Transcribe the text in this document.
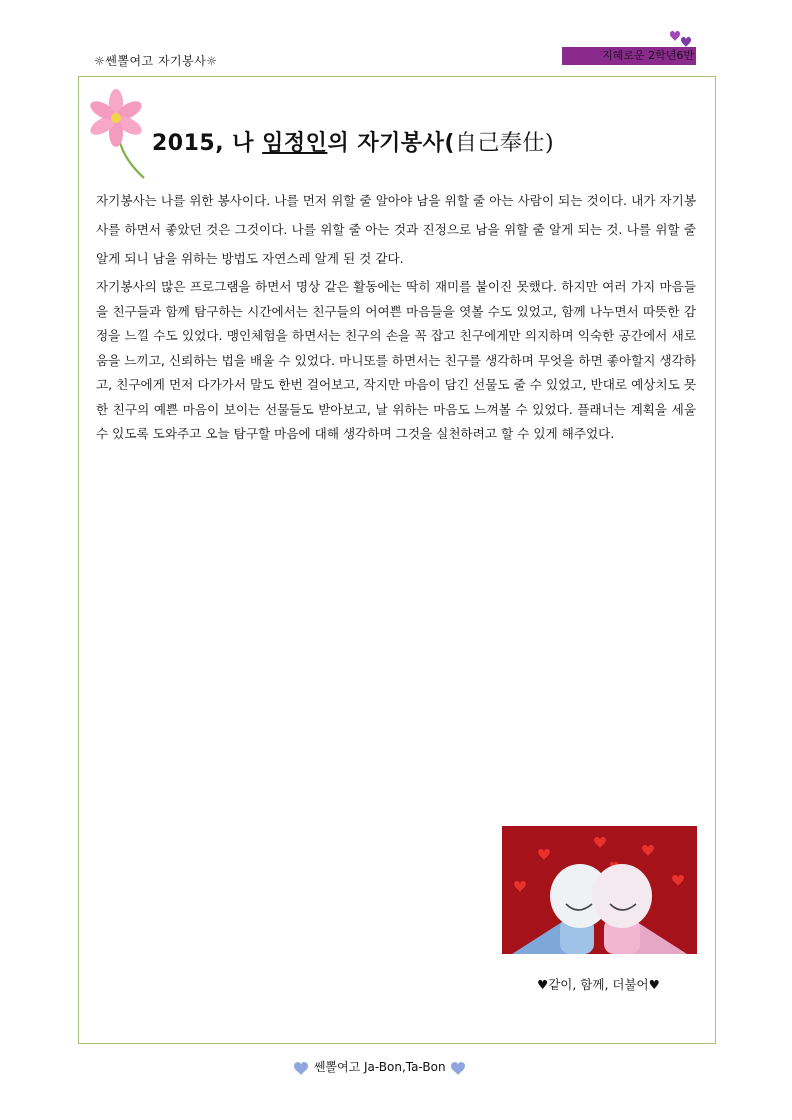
☼쎈뽈여고 자기봉사☼	지혜로운 2학년6반
2015, 나 임정인의 자기봉사(自己奉仕)

자기봉사는 나를 위한 봉사이다. 나를 먼저 위할 줄 알아야 남을 위할 줄 아는 사람이 되는 것이다. 내가 자기봉사를 하면서 좋았던 것은 그것이다. 나를 위할 줄 아는 것과 진정으로 남을 위할 줄 알게 되는 것. 나를 위할 줄 알게 되니 남을 위하는 방법도 자연스레 알게 된 것 같다.

자기봉사의 많은 프로그램을 하면서 명상 같은 활동에는 딱히 재미를 붙이진 못했다. 하지만 여러 가지 마음들을 친구들과 함께 탐구하는 시간에서는 친구들의 어여쁜 마음들을 엿볼 수도 있었고, 함께 나누면서 따뜻한 감정을 느낄 수도 있었다. 맹인체험을 하면서는 친구의 손을 꼭 잡고 친구에게만 의지하며 익숙한 공간에서 새로움을 느끼고, 신뢰하는 법을 배울 수 있었다. 마니또를 하면서는 친구를 생각하며 무엇을 하면 좋아할지 생각하고, 친구에게 먼저 다가가서 말도 한번 걸어보고, 작지만 마음이 담긴 선물도 줄 수 있었고, 반대로 예상치도 못한 친구의 예쁜 마음이 보이는 선물들도 받아보고, 날 위하는 마음도 느껴볼 수 있었다. 플래너는 계획을 세울 수 있도록 도와주고 오늘 탐구할 마음에 대해 생각하며 그것을 실천하려고 할 수 있게 해주었다.

♥같이, 함께, 더불어♥
쎈뽈여고 Ja-Bon,Ta-Bon
